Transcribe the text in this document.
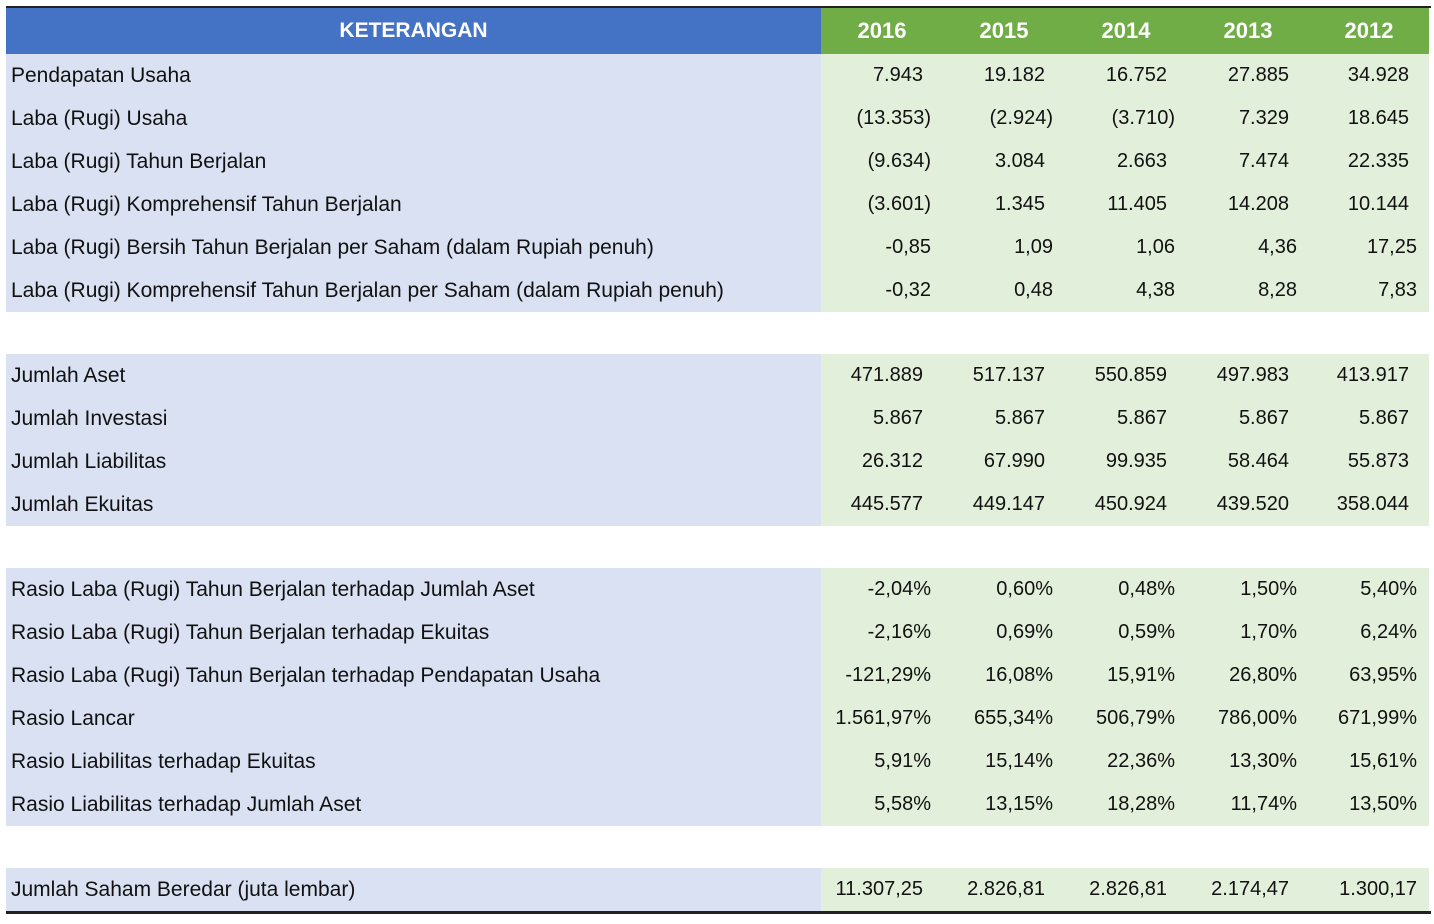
KETERANGAN	2016	2015	2014	2013	2012
Pendapatan Usaha	7.943	19.182	16.752	27.885	34.928
Laba (Rugi) Usaha	(13.353)	(2.924)	(3.710)	7.329	18.645
Laba (Rugi) Tahun Berjalan	(9.634)	3.084	2.663	7.474	22.335
Laba (Rugi) Komprehensif Tahun Berjalan	(3.601)	1.345	11.405	14.208	10.144
Laba (Rugi) Bersih Tahun Berjalan per Saham (dalam Rupiah penuh)	-0,85	1,09	1,06	4,36	17,25
Laba (Rugi) Komprehensif Tahun Berjalan per Saham (dalam Rupiah penuh)	-0,32	0,48	4,38	8,28	7,83
Jumlah Aset	471.889	517.137	550.859	497.983	413.917
Jumlah Investasi	5.867	5.867	5.867	5.867	5.867
Jumlah Liabilitas	26.312	67.990	99.935	58.464	55.873
Jumlah Ekuitas	445.577	449.147	450.924	439.520	358.044
Rasio Laba (Rugi) Tahun Berjalan terhadap Jumlah Aset	-2,04%	0,60%	0,48%	1,50%	5,40%
Rasio Laba (Rugi) Tahun Berjalan terhadap Ekuitas	-2,16%	0,69%	0,59%	1,70%	6,24%
Rasio Laba (Rugi) Tahun Berjalan terhadap Pendapatan Usaha	-121,29%	16,08%	15,91%	26,80%	63,95%
Rasio Lancar	1.561,97%	655,34%	506,79%	786,00%	671,99%
Rasio Liabilitas terhadap Ekuitas	5,91%	15,14%	22,36%	13,30%	15,61%
Rasio Liabilitas terhadap Jumlah Aset	5,58%	13,15%	18,28%	11,74%	13,50%
Jumlah Saham Beredar (juta lembar)	11.307,25	2.826,81	2.826,81	2.174,47	1.300,17
